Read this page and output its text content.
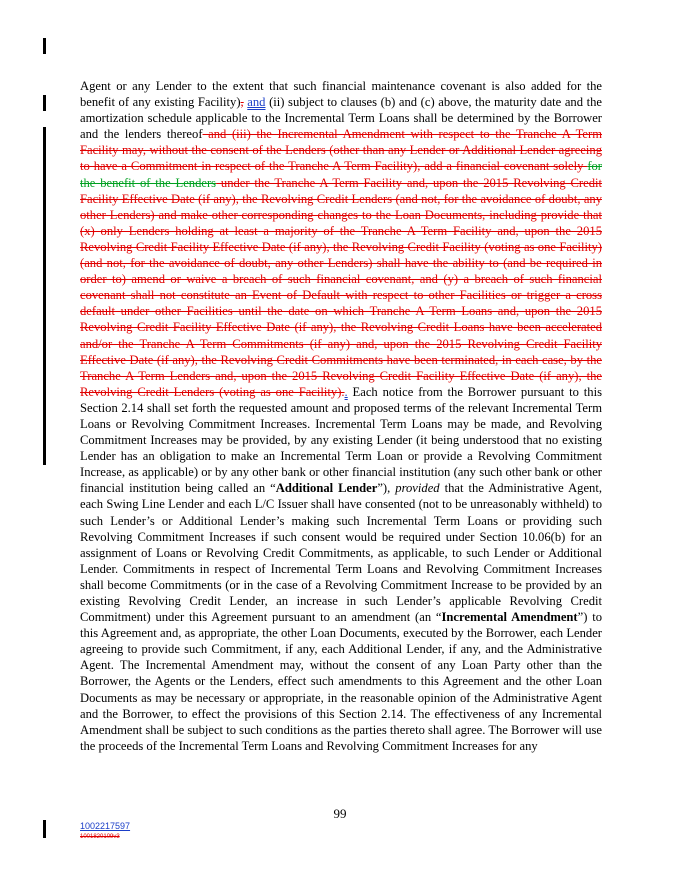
Agent or any Lender to the extent that such financial maintenance covenant is also added for the benefit of any existing Facility), and (ii) subject to clauses (b) and (c) above, the maturity date and the amortization schedule applicable to the Incremental Term Loans shall be determined by the Borrower and the lenders thereof and (iii) the Incremental Amendment with respect to the Tranche A Term Facility may, without the consent of the Lenders (other than any Lender or Additional Lender agreeing to have a Commitment in respect of the Tranche A Term Facility), add a financial covenant solely for the benefit of the Lenders under the Tranche A Term Facility and, upon the 2015 Revolving Credit Facility Effective Date (if any), the Revolving Credit Lenders (and not, for the avoidance of doubt, any other Lenders) and make other corresponding changes to the Loan Documents, including provide that (x) only Lenders holding at least a majority of the Tranche A Term Facility and, upon the 2015 Revolving Credit Facility Effective Date (if any), the Revolving Credit Facility (voting as one Facility) (and not, for the avoidance of doubt, any other Lenders) shall have the ability to (and be required in order to) amend or waive a breach of such financial covenant, and (y) a breach of such financial covenant shall not constitute an Event of Default with respect to other Facilities or trigger a cross default under other Facilities until the date on which Tranche A Term Loans and, upon the 2015 Revolving Credit Facility Effective Date (if any), the Revolving Credit Loans have been accelerated and/or the Tranche A Term Commitments (if any) and, upon the 2015 Revolving Credit Facility Effective Date (if any), the Revolving Credit Commitments have been terminated, in each case, by the Tranche A Term Lenders and, upon the 2015 Revolving Credit Facility Effective Date (if any), the Revolving Credit Lenders (voting as one Facility).. Each notice from the Borrower pursuant to this Section 2.14 shall set forth the requested amount and proposed terms of the relevant Incremental Term Loans or Revolving Commitment Increases. Incremental Term Loans may be made, and Revolving Commitment Increases may be provided, by any existing Lender (it being understood that no existing Lender has an obligation to make an Incremental Term Loan or provide a Revolving Commitment Increase, as applicable) or by any other bank or other financial institution (any such other bank or other financial institution being called an “Additional Lender”), provided that the Administrative Agent, each Swing Line Lender and each L/C Issuer shall have consented (not to be unreasonably withheld) to such Lender’s or Additional Lender’s making such Incremental Term Loans or providing such Revolving Commitment Increases if such consent would be required under Section 10.06(b) for an assignment of Loans or Revolving Credit Commitments, as applicable, to such Lender or Additional Lender. Commitments in respect of Incremental Term Loans and Revolving Commitment Increases shall become Commitments (or in the case of a Revolving Commitment Increase to be provided by an existing Revolving Credit Lender, an increase in such Lender’s applicable Revolving Credit Commitment) under this Agreement pursuant to an amendment (an “Incremental Amendment”) to this Agreement and, as appropriate, the other Loan Documents, executed by the Borrower, each Lender agreeing to provide such Commitment, if any, each Additional Lender, if any, and the Administrative Agent. The Incremental Amendment may, without the consent of any Loan Party other than the Borrower, the Agents or the Lenders, effect such amendments to this Agreement and the other Loan Documents as may be necessary or appropriate, in the reasonable opinion of the Administrative Agent and the Borrower, to effect the provisions of this Section 2.14. The effectiveness of any Incremental Amendment shall be subject to such conditions as the parties thereto shall agree. The Borrower will use the proceeds of the Incremental Term Loans and Revolving Commitment Increases for any
99
1002217597
1001820109v3
